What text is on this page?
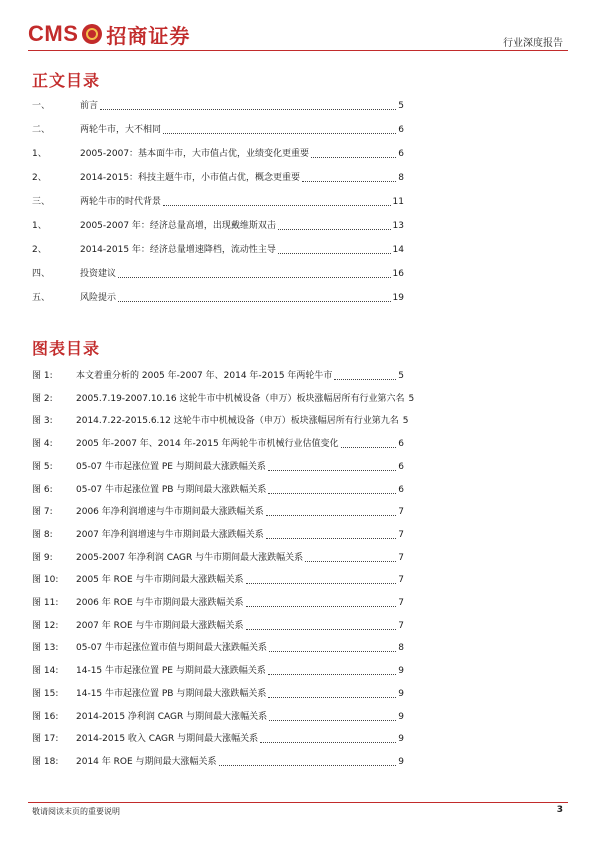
CMS 招商证券	行业深度报告
正文目录
一、	前言	5
二、	两轮牛市，大不相同	6
1、	2005-2007：基本面牛市，大市值占优，业绩变化更重要	6
2、	2014-2015：科技主题牛市，小市值占优，概念更重要	8
三、	两轮牛市的时代背景	11
1、	2005-2007 年：经济总量高增，出现戴维斯双击	13
2、	2014-2015 年：经济总量增速降档，流动性主导	14
四、	投资建议	16
五、	风险提示	19
图表目录
图 1:	本文着重分析的 2005 年-2007 年、2014 年-2015 年两轮牛市	5
图 2:	2005.7.19-2007.10.16 这轮牛市中机械设备（申万）板块涨幅居所有行业第六名 5
图 3:	2014.7.22-2015.6.12 这轮牛市中机械设备（申万）板块涨幅居所有行业第九名 5
图 4:	2005 年-2007 年、2014 年-2015 年两轮牛市机械行业估值变化	6
图 5:	05-07 牛市起涨位置 PE 与期间最大涨跌幅关系	6
图 6:	05-07 牛市起涨位置 PB 与期间最大涨跌幅关系	6
图 7:	2006 年净利润增速与牛市期间最大涨跌幅关系	7
图 8:	2007 年净利润增速与牛市期间最大涨跌幅关系	7
图 9:	2005-2007 年净利润 CAGR 与牛市期间最大涨跌幅关系	7
图 10:	2005 年 ROE 与牛市期间最大涨跌幅关系	7
图 11:	2006 年 ROE 与牛市期间最大涨跌幅关系	7
图 12:	2007 年 ROE 与牛市期间最大涨跌幅关系	7
图 13:	05-07 牛市起涨位置市值与期间最大涨跌幅关系	8
图 14:	14-15 牛市起涨位置 PE 与期间最大涨跌幅关系	9
图 15:	14-15 牛市起涨位置 PB 与期间最大涨跌幅关系	9
图 16:	2014-2015 净利润 CAGR 与期间最大涨幅关系	9
图 17:	2014-2015 收入 CAGR 与期间最大涨幅关系	9
图 18:	2014 年 ROE 与期间最大涨幅关系	9
敬请阅读末页的重要说明	3
